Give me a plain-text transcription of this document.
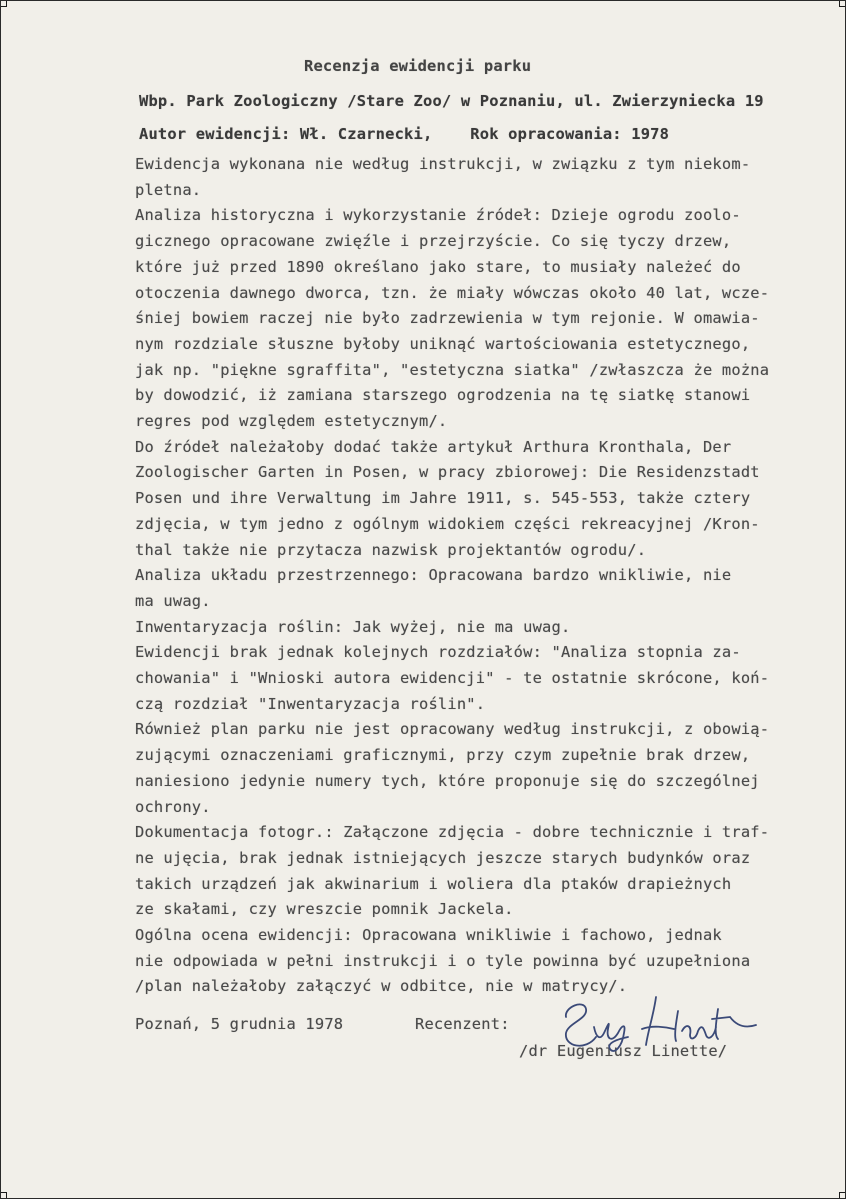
Recenzja ewidencji parku
Wbp. Park Zoologiczny /Stare Zoo/ w Poznaniu, ul. Zwierzyniecka 19
Autor ewidencji: Wł. Czarnecki,    Rok opracowania: 1978
Ewidencja wykonana nie według instrukcji, w związku z tym niekom-
pletna.
Analiza historyczna i wykorzystanie źródeł: Dzieje ogrodu zoolo-
gicznego opracowane zwięźle i przejrzyście. Co się tyczy drzew,
które już przed 1890 określano jako stare, to musiały należeć do
otoczenia dawnego dworca, tzn. że miały wówczas około 40 lat, wcze-
śniej bowiem raczej nie było zadrzewienia w tym rejonie. W omawia-
nym rozdziale słuszne byłoby uniknąć wartościowania estetycznego,
jak np. "piękne sgraffita", "estetyczna siatka" /zwłaszcza że można
by dowodzić, iż zamiana starszego ogrodzenia na tę siatkę stanowi
regres pod względem estetycznym/.
Do źródeł należałoby dodać także artykuł Arthura Kronthala, Der
Zoologischer Garten in Posen, w pracy zbiorowej: Die Residenzstadt
Posen und ihre Verwaltung im Jahre 1911, s. 545-553, także cztery
zdjęcia, w tym jedno z ogólnym widokiem części rekreacyjnej /Kron-
thal także nie przytacza nazwisk projektantów ogrodu/.
Analiza układu przestrzennego: Opracowana bardzo wnikliwie, nie
ma uwag.
Inwentaryzacja roślin: Jak wyżej, nie ma uwag.
Ewidencji brak jednak kolejnych rozdziałów: "Analiza stopnia za-
chowania" i "Wnioski autora ewidencji" - te ostatnie skrócone, koń-
czą rozdział "Inwentaryzacja roślin".
Również plan parku nie jest opracowany według instrukcji, z obowią-
zującymi oznaczeniami graficznymi, przy czym zupełnie brak drzew,
naniesiono jedynie numery tych, które proponuje się do szczególnej
ochrony.
Dokumentacja fotogr.: Załączone zdjęcia - dobre technicznie i traf-
ne ujęcia, brak jednak istniejących jeszcze starych budynków oraz
takich urządzeń jak akwinarium i woliera dla ptaków drapieżnych
ze skałami, czy wreszcie pomnik Jackela.
Ogólna ocena ewidencji: Opracowana wnikliwie i fachowo, jednak
nie odpowiada w pełni instrukcji i o tyle powinna być uzupełniona
/plan należałoby załączyć w odbitce, nie w matrycy/.
Poznań, 5 grudnia 1978	Recenzent:
/dr Eugeniusz Linette/
